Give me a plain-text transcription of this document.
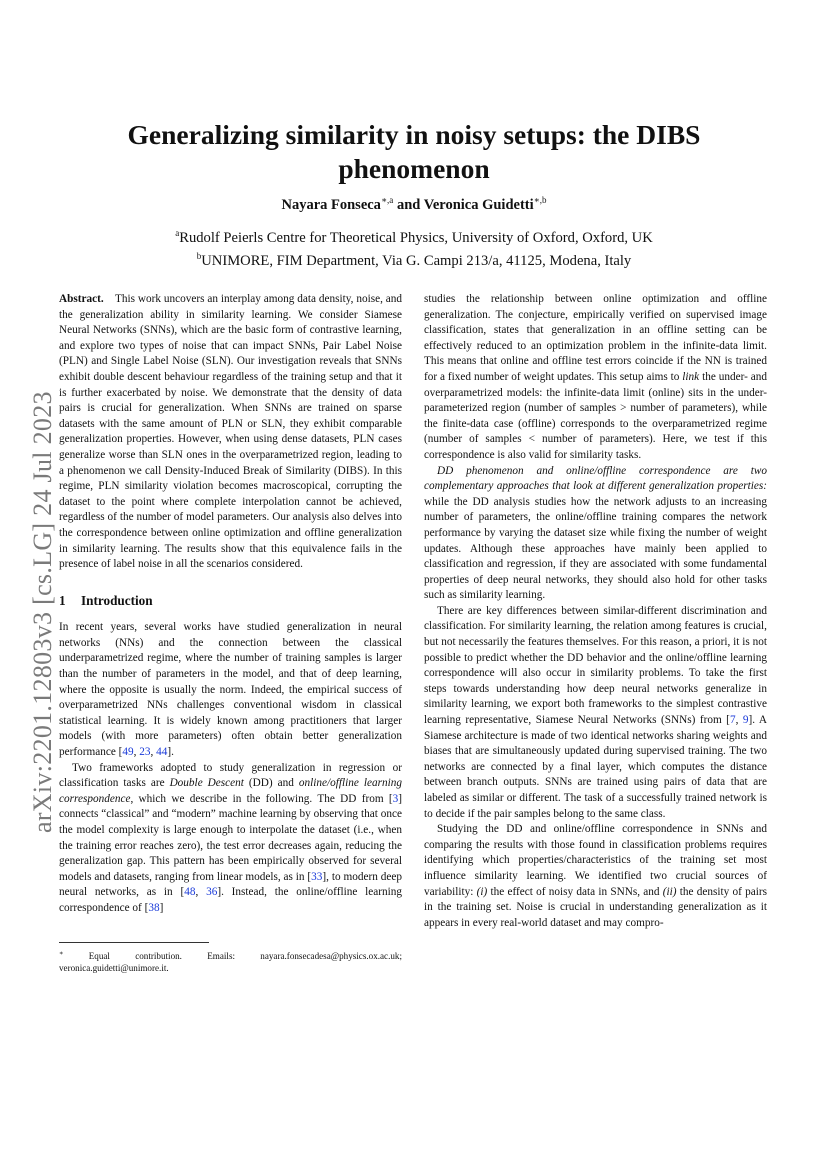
arXiv:2201.12803v3 [cs.LG] 24 Jul 2023
Generalizing similarity in noisy setups: the DIBS phenomenon
Nayara Fonseca$^{∗,a}$ and Veronica Guidetti$^{∗,b}$
$^a$Rudolf Peierls Centre for Theoretical Physics, University of Oxford, Oxford, UK
$^b$UNIMORE, FIM Department, Via G. Campi 213/a, 41125, Modena, Italy

Abstract. This work uncovers an interplay among data density, noise, and the generalization ability in similarity learning. We consider Siamese Neural Networks (SNNs), which are the basic form of contrastive learning, and explore two types of noise that can impact SNNs, Pair Label Noise (PLN) and Single Label Noise (SLN). Our investigation reveals that SNNs exhibit double descent behaviour regardless of the training setup and that it is further exacerbated by noise. We demonstrate that the density of data pairs is crucial for generalization. When SNNs are trained on sparse datasets with the same amount of PLN or SLN, they exhibit comparable generalization properties. However, when using dense datasets, PLN cases generalize worse than SLN ones in the overparametrized region, leading to a phenomenon we call Density-Induced Break of Similarity (DIBS). In this regime, PLN similarity violation becomes macroscopical, corrupting the dataset to the point where complete interpolation cannot be achieved, regardless of the number of model parameters. Our analysis also delves into the correspondence between online optimization and offline generalization in similarity learning. The results show that this equivalence fails in the presence of label noise in all the scenarios considered.

1 Introduction

In recent years, several works have studied generalization in neural networks (NNs) and the connection between the classical underparametrized regime, where the number of training samples is larger than the number of parameters in the model, and that of deep learning, where the opposite is usually the norm. Indeed, the empirical success of overparametrized NNs challenges conventional wisdom in classical statistical learning. It is widely known among practitioners that larger models (with more parameters) often obtain better generalization performance [49, 23, 44].

Two frameworks adopted to study generalization in regression or classification tasks are Double Descent (DD) and online/offline learning correspondence, which we describe in the following. The DD from [3] connects “classical” and “modern” machine learning by observing that once the model complexity is large enough to interpolate the dataset (i.e., when the training error reaches zero), the test error decreases again, reducing the generalization gap. This pattern has been empirically observed for several models and datasets, ranging from linear models, as in [33], to modern deep neural networks, as in [48, 36]. Instead, the online/offline learning correspondence of [38]

∗	Equal contribution. Emails: nayara.fonsecadesa@physics.ox.ac.uk; veronica.guidetti@unimore.it.

studies the relationship between online optimization and offline generalization. The conjecture, empirically verified on supervised image classification, states that generalization in an offline setting can be effectively reduced to an optimization problem in the infinite-data limit. This means that online and offline test errors coincide if the NN is trained for a fixed number of weight updates. This setup aims to link the under- and overparametrized models: the infinite-data limit (online) sits in the under-parameterized region (number of samples > number of parameters), while the finite-data case (offline) corresponds to the overparametrized regime (number of samples < number of parameters). Here, we test if this correspondence is also valid for similarity tasks.

DD phenomenon and online/offline correspondence are two complementary approaches that look at different generalization properties: while the DD analysis studies how the network adjusts to an increasing number of parameters, the online/offline training compares the network performance by varying the dataset size while fixing the number of weight updates. Although these approaches have mainly been applied to classification and regression, if they are associated with some fundamental properties of deep neural networks, they should also hold for other tasks such as similarity learning.

There are key differences between similar-different discrimination and classification. For similarity learning, the relation among features is crucial, but not necessarily the features themselves. For this reason, a priori, it is not possible to predict whether the DD behavior and the online/offline learning correspondence will also occur in similarity problems. To take the first steps towards understanding how deep neural networks generalize in similarity learning, we export both frameworks to the simplest contrastive learning representative, Siamese Neural Networks (SNNs) from [7, 9]. A Siamese architecture is made of two identical networks sharing weights and biases that are simultaneously updated during supervised training. The two networks are connected by a final layer, which computes the distance between branch outputs. SNNs are trained using pairs of data that are labeled as similar or different. The task of a successfully trained network is to decide if the pair samples belong to the same class.

Studying the DD and online/offline correspondence in SNNs and comparing the results with those found in classification problems requires identifying which properties/characteristics of the training set most influence similarity learning. We identified two crucial sources of variability: (i) the effect of noisy data in SNNs, and (ii) the density of pairs in the training set. Noise is crucial in understanding generalization as it appears in every real-world dataset and may compro-
